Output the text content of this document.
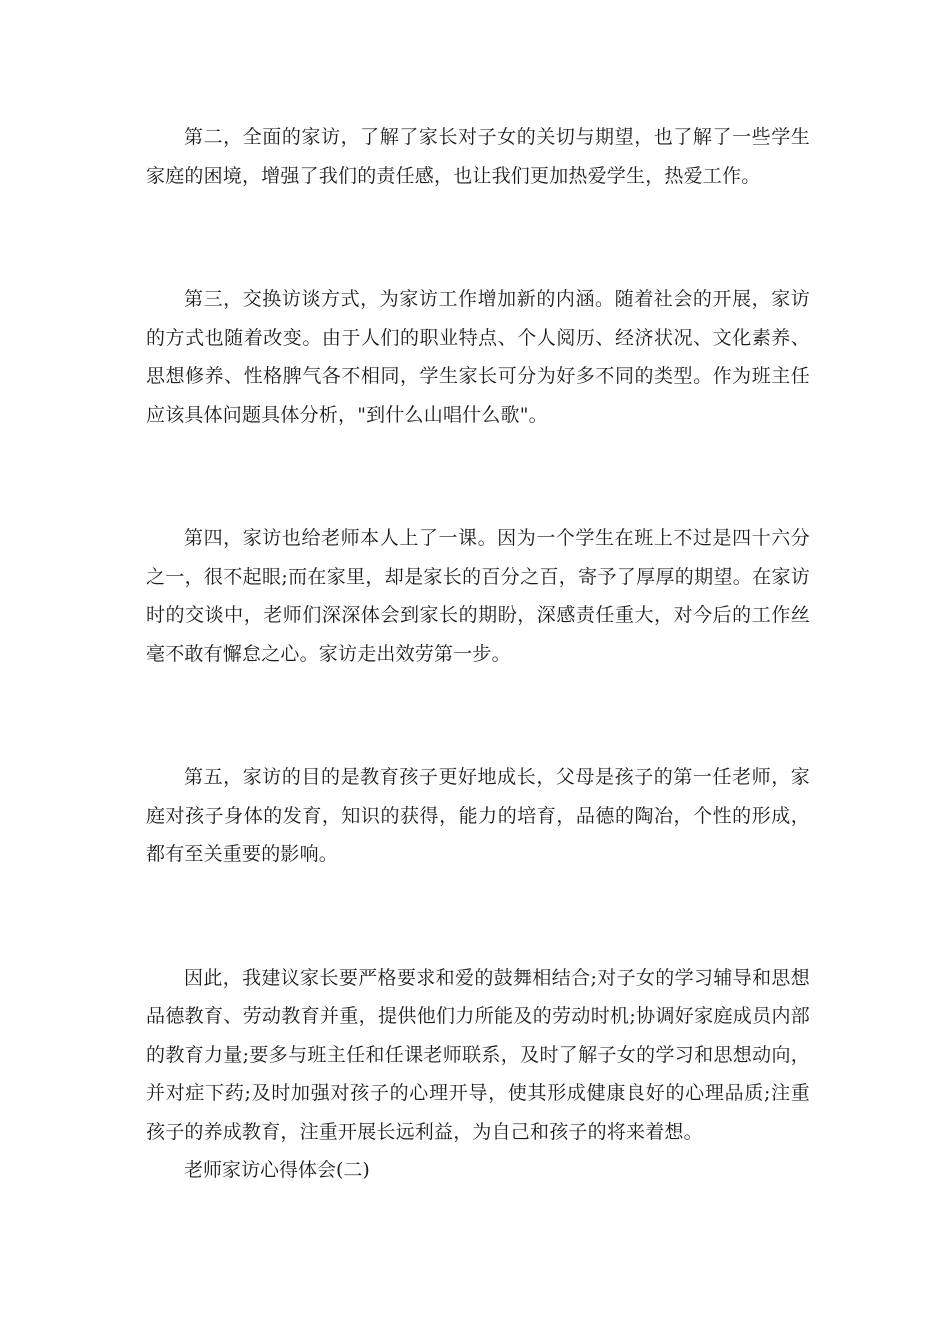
第二，全面的家访，了解了家长对子女的关切与期望，也了解了一些学生家庭的困境，增强了我们的责任感，也让我们更加热爱学生，热爱工作。

第三，交换访谈方式，为家访工作增加新的内涵。随着社会的开展，家访的方式也随着改变。由于人们的职业特点、个人阅历、经济状况、文化素养、思想修养、性格脾气各不相同，学生家长可分为好多不同的类型。作为班主任应该具体问题具体分析，"到什么山唱什么歌"。

第四，家访也给老师本人上了一课。因为一个学生在班上不过是四十六分之一，很不起眼;而在家里，却是家长的百分之百，寄予了厚厚的期望。在家访时的交谈中，老师们深深体会到家长的期盼，深感责任重大，对今后的工作丝毫不敢有懈怠之心。家访走出效劳第一步。

第五，家访的目的是教育孩子更好地成长，父母是孩子的第一任老师，家庭对孩子身体的发育，知识的获得，能力的培育，品德的陶冶，个性的形成，都有至关重要的影响。

因此，我建议家长要严格要求和爱的鼓舞相结合;对子女的学习辅导和思想品德教育、劳动教育并重，提供他们力所能及的劳动时机;协调好家庭成员内部的教育力量;要多与班主任和任课老师联系，及时了解子女的学习和思想动向，并对症下药;及时加强对孩子的心理开导，使其形成健康良好的心理品质;注重孩子的养成教育，注重开展长远利益，为自己和孩子的将来着想。

老师家访心得体会(二)
